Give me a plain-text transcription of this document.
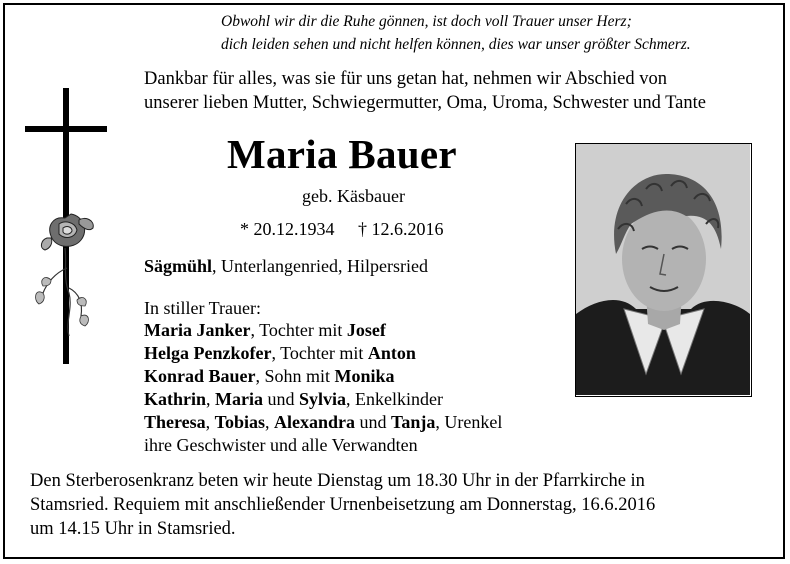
Obwohl wir dir die Ruhe gönnen, ist doch voll Trauer unser Herz;
dich leiden sehen und nicht helfen können, dies war unser größter Schmerz.
Dankbar für alles, was sie für uns getan hat, nehmen wir Abschied von
unserer lieben Mutter, Schwiegermutter, Oma, Uroma, Schwester und Tante
Maria Bauer
geb. Käsbauer
* 20.12.1934 † 12.6.2016
Sägmühl, Unterlangenried, Hilpersried
In stiller Trauer:
Maria Janker, Tochter mit Josef
Helga Penzkofer, Tochter mit Anton
Konrad Bauer, Sohn mit Monika
Kathrin, Maria und Sylvia, Enkelkinder
Theresa, Tobias, Alexandra und Tanja, Urenkel
ihre Geschwister und alle Verwandten
Den Sterberosenkranz beten wir heute Dienstag um 18.30 Uhr in der Pfarrkirche in
Stamsried. Requiem mit anschließender Urnenbeisetzung am Donnerstag, 16.6.2016
um 14.15 Uhr in Stamsried.
